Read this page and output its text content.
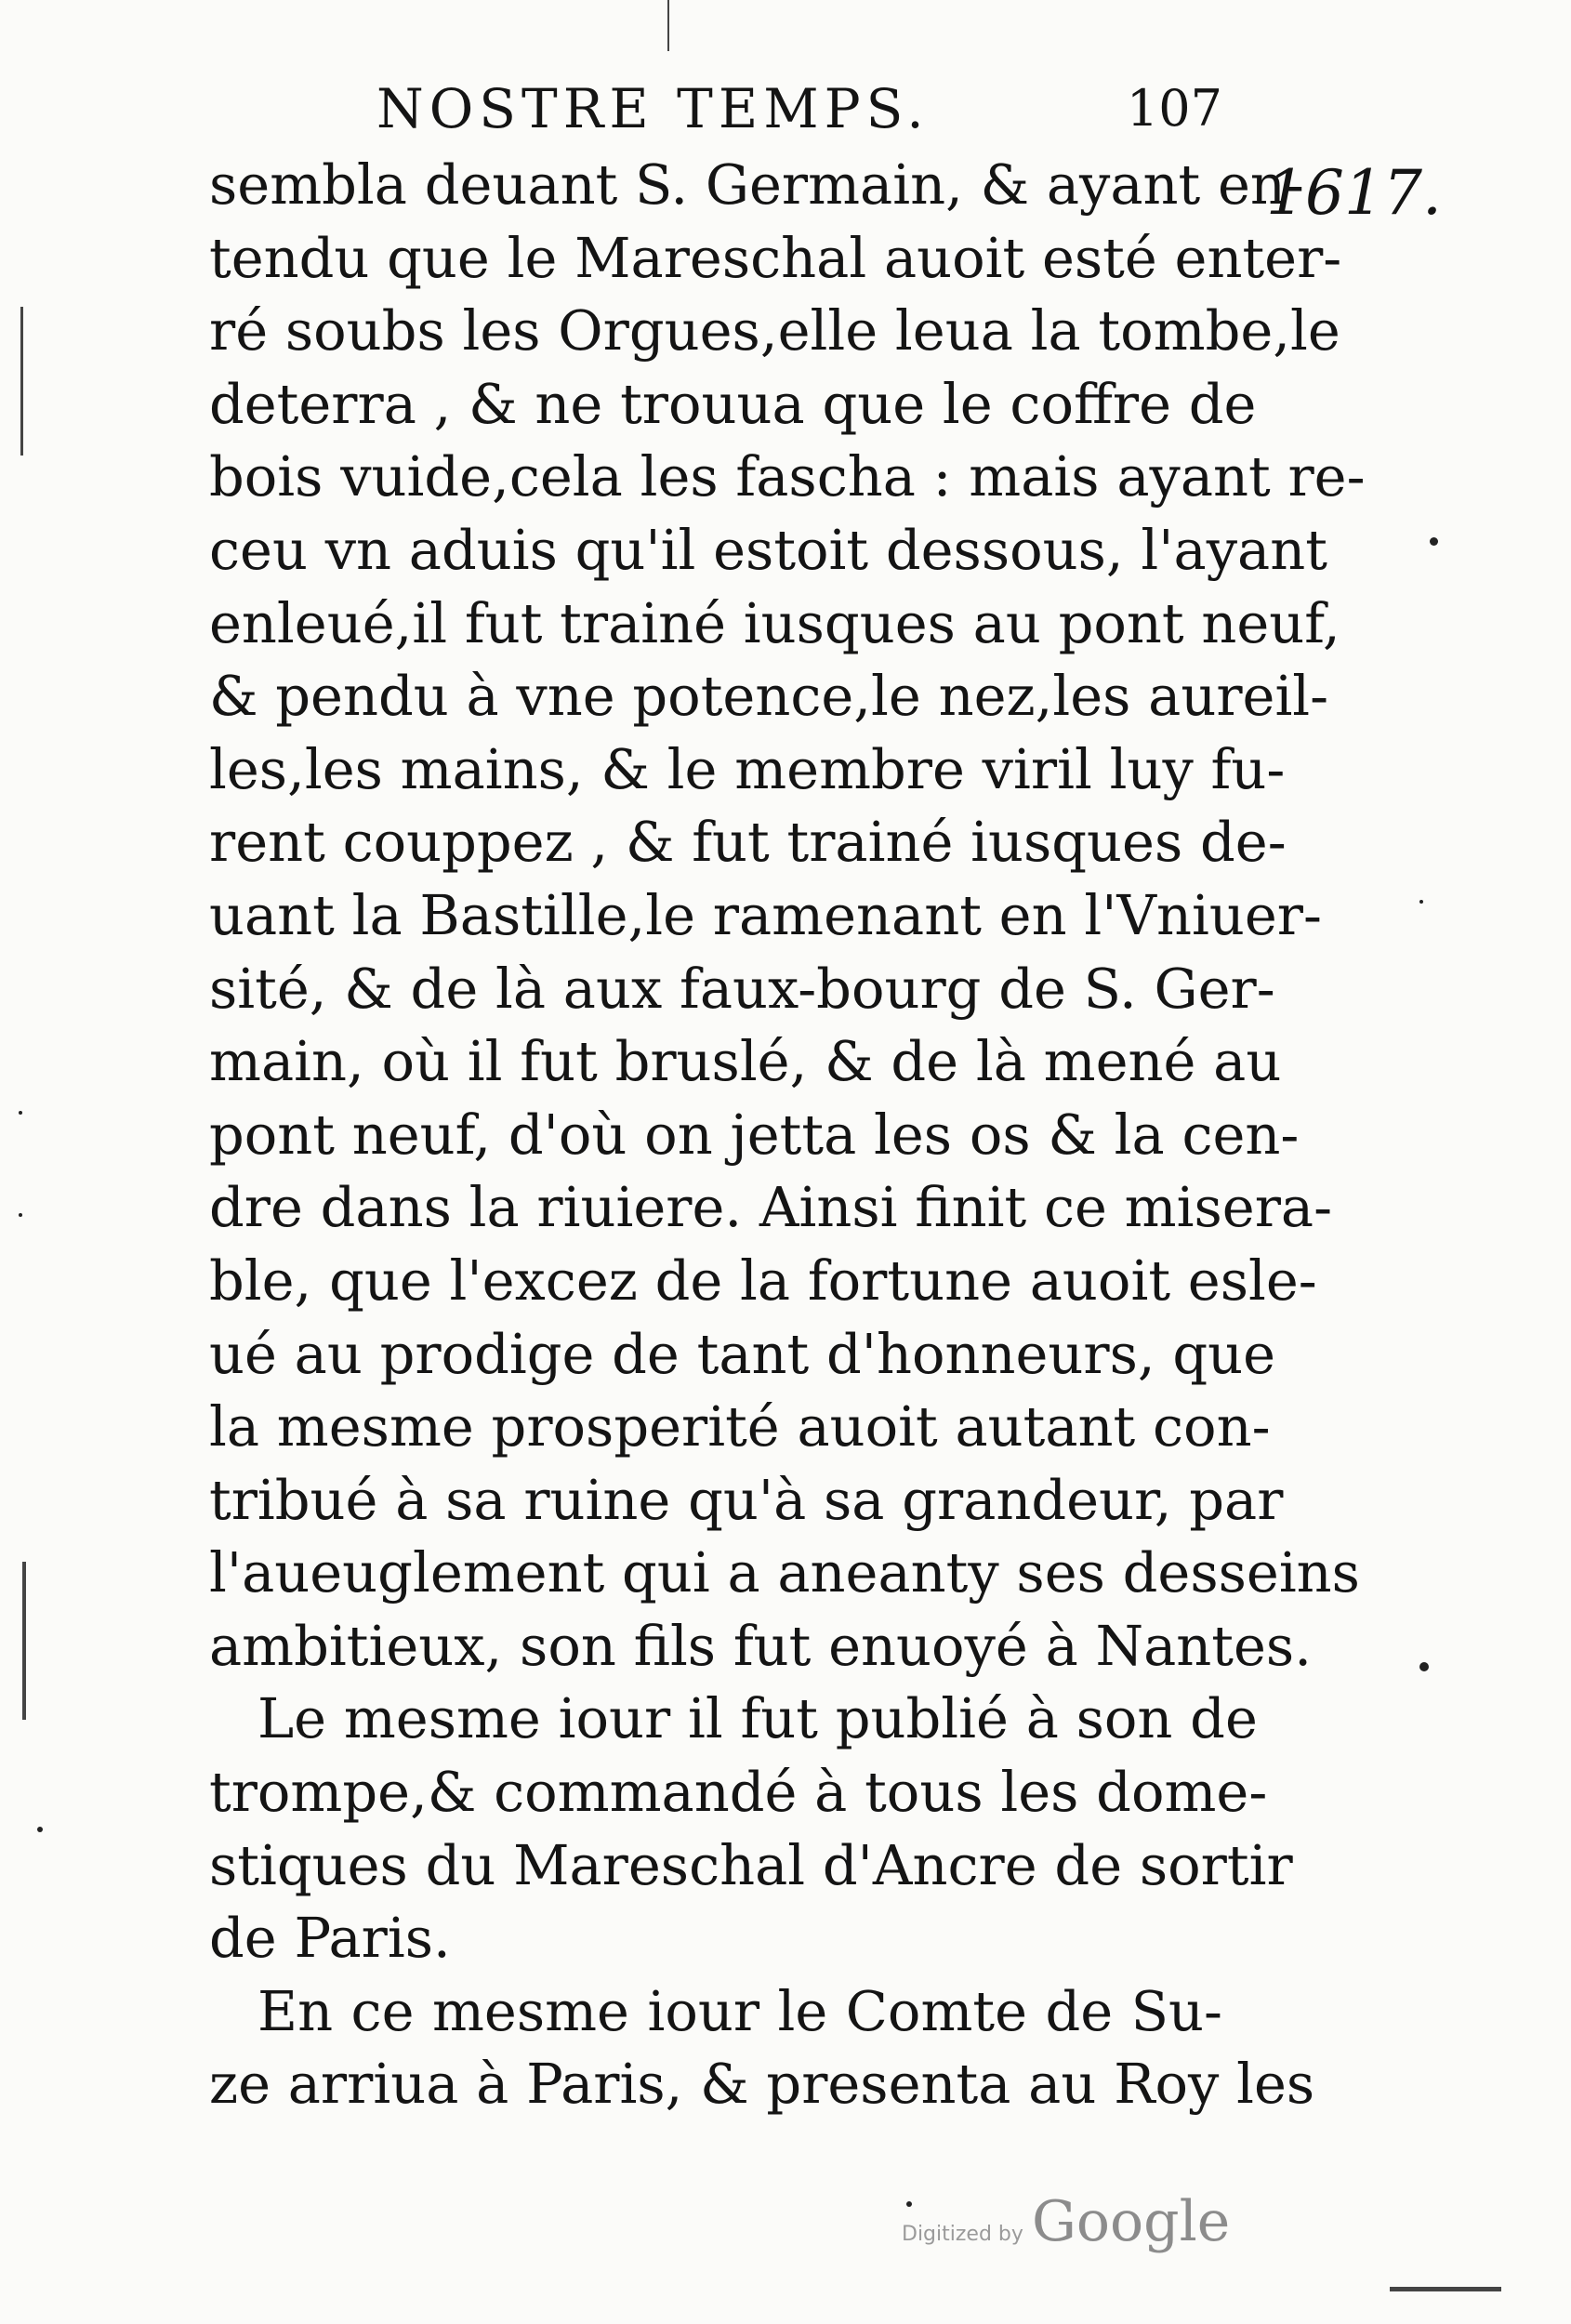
NOSTRE TEMPS.	107
1617.
sembla deuant S. Germain, & ayant en-
tendu que le Mareschal auoit esté enter-
ré soubs les Orgues,elle leua la tombe,le
deterra , & ne trouua que le coffre de
bois vuide,cela les fascha : mais ayant re-
ceu vn aduis qu'il estoit dessous, l'ayant
enleué,il fut trainé iusques au pont neuf,
& pendu à vne potence,le nez,les aureil-
les,les mains, & le membre viril luy fu-
rent couppez , & fut trainé iusques de-
uant la Bastille,le ramenant en l'Vniuer-
sité, & de là aux faux-bourg de S. Ger-
main, où il fut bruslé, & de là mené au
pont neuf, d'où on jetta les os & la cen-
dre dans la riuiere. Ainsi finit ce misera-
ble, que l'excez de la fortune auoit esle-
ué au prodige de tant d'honneurs, que
la mesme prosperité auoit autant con-
tribué à sa ruine qu'à sa grandeur, par
l'aueuglement qui a aneanty ses desseins
ambitieux, son fils fut enuoyé à Nantes.
Le mesme iour il fut publié à son de
trompe,& commandé à tous les dome-
stiques du Mareschal d'Ancre de sortir
de Paris.
En ce mesme iour le Comte de Su-
ze arriua à Paris, & presenta au Roy les
Digitized by Google
